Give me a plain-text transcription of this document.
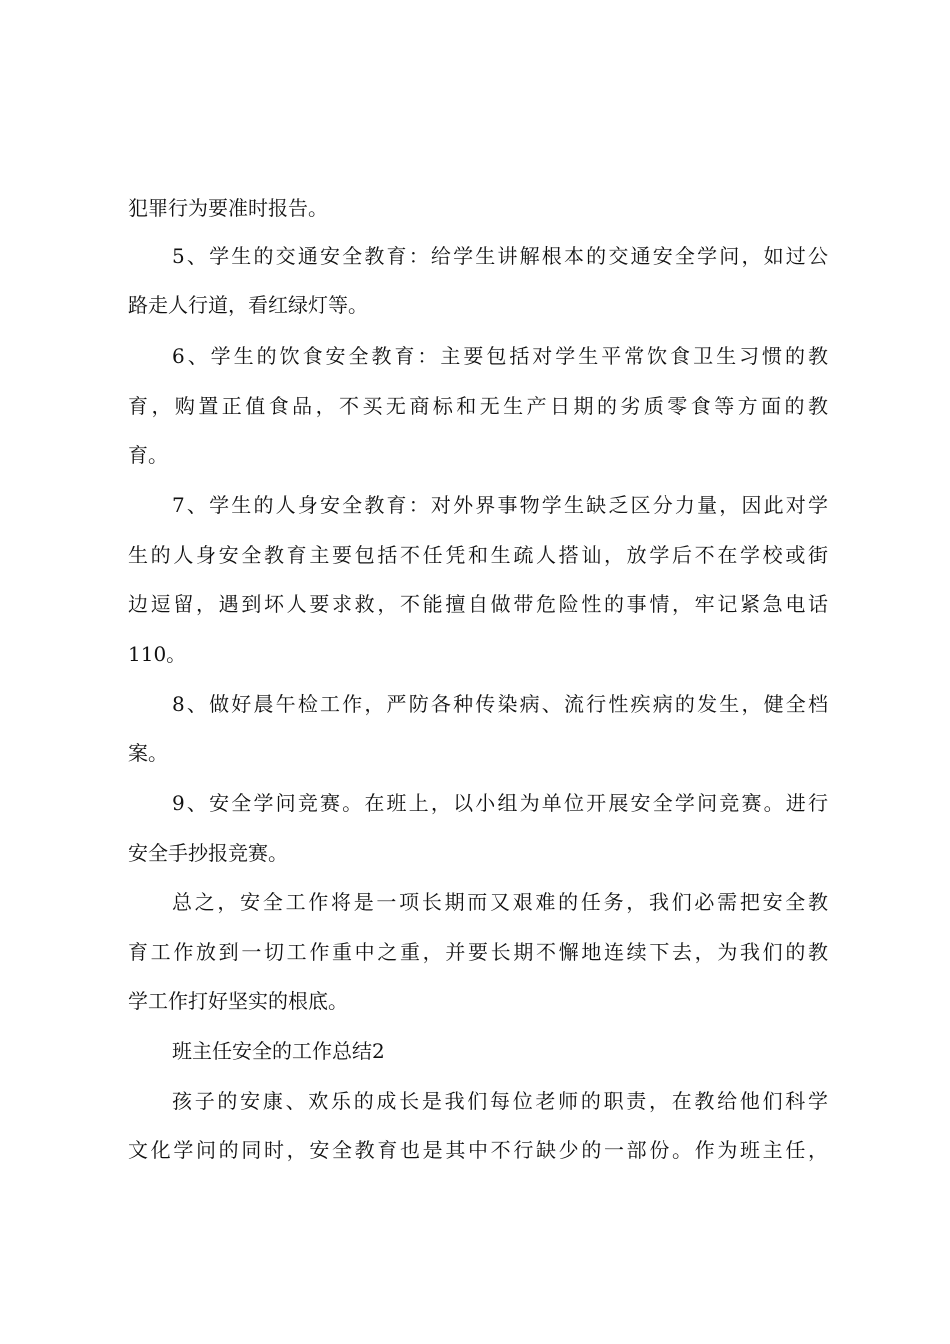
犯罪行为要准时报告。
5、学生的交通安全教育：给学生讲解根本的交通安全学问，如过公
路走人行道，看红绿灯等。
6、学生的饮食安全教育：主要包括对学生平常饮食卫生习惯的教
育，购置正值食品，不买无商标和无生产日期的劣质零食等方面的教
育。
7、学生的人身安全教育：对外界事物学生缺乏区分力量，因此对学
生的人身安全教育主要包括不任凭和生疏人搭讪，放学后不在学校或街
边逗留，遇到坏人要求救，不能擅自做带危险性的事情，牢记紧急电话
110。
8、做好晨午检工作，严防各种传染病、流行性疾病的发生，健全档
案。
9、安全学问竞赛。在班上，以小组为单位开展安全学问竞赛。进行
安全手抄报竞赛。
总之，安全工作将是一项长期而又艰难的任务，我们必需把安全教
育工作放到一切工作重中之重，并要长期不懈地连续下去，为我们的教
学工作打好坚实的根底。
班主任安全的工作总结2
孩子的安康、欢乐的成长是我们每位老师的职责，在教给他们科学
文化学问的同时，安全教育也是其中不行缺少的一部份。作为班主任，
